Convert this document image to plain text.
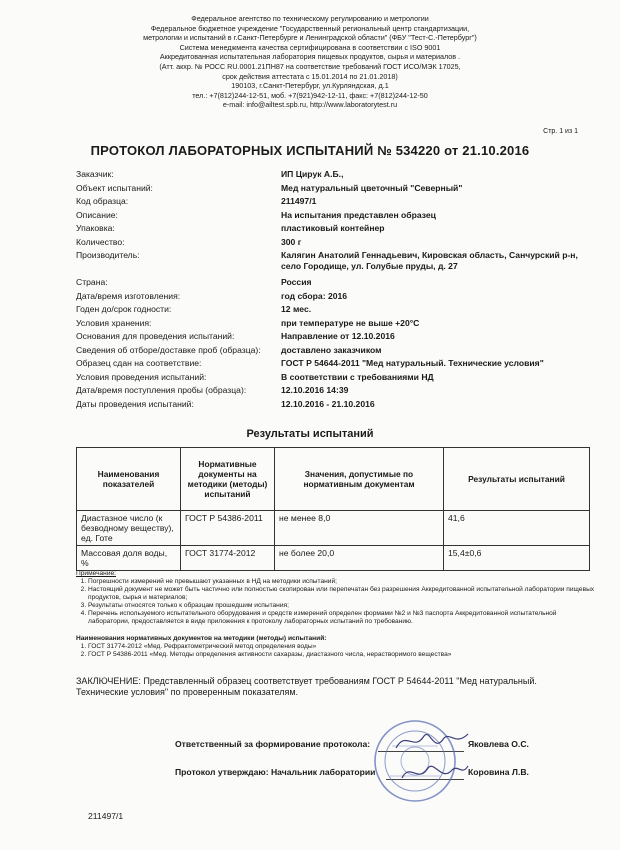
Федеральное агентство по техническому регулированию и метрологии
Федеральное бюджетное учреждение "Государственный региональный центр стандартизации,
метрологии и испытаний в г.Санкт-Петербурге и Ленинградской области" (ФБУ "Тест-С.-Петербург")
Система менеджмента качества сертифицирована в соответствии с ISO 9001
Аккредитованная испытательная лаборатория пищевых продуктов, сырья и материалов .
(Атт. акхр. № РОСС RU.0001.21ПН87 на соответствие требований ГОСТ ИСО/МЭК 17025,
срок действия аттестата с 15.01.2014 по 21.01.2018)
190103, г.Санкт-Петербург, ул.Курляндская, д.1
тел.: +7(812)244-12-51, моб. +7(921)942-12-11, факс: +7(812)244-12-50
e-mail: info@ailtest.spb.ru, http://www.laboratorytest.ru
Стр. 1 из 1
ПРОТОКОЛ ЛАБОРАТОРНЫХ ИСПЫТАНИЙ № 534220 от 21.10.2016
Заказчик:	ИП Цирук А.Б.,
Объект испытаний:	Мед натуральный цветочный "Северный"
Код образца:	211497/1
Описание:	На испытания представлен образец
Упаковка:	пластиковый контейнер
Количество:	300 г
Производитель:	Калягин Анатолий Геннадьевич, Кировская область, Санчурский р-н, село Городище, ул. Голубые пруды, д. 27
Страна:	Россия
Дата/время изготовления:	год сбора: 2016
Годен до/срок годности:	12 мес.
Условия хранения:	при температуре не выше +20°С
Основания для проведения испытаний:	Направление от 12.10.2016
Сведения об отборе/доставке проб (образца):	доставлено заказчиком
Образец сдан на соответствие:	ГОСТ Р 54644-2011 "Мед натуральный. Технические условия"
Условия проведения испытаний:	В соответствии с требованиями НД
Дата/время поступления пробы (образца):	12.10.2016 14:39
Даты проведения испытаний:	12.10.2016 - 21.10.2016
Результаты испытаний
Наименования показателей	Нормативные документы на методики (методы) испытаний	Значения, допустимые по нормативным документам	Результаты испытаний
Диастазное число (к безводному веществу), ед. Готе	ГОСТ Р 54386-2011	не менее 8,0	41,6
Массовая доля воды, %	ГОСТ 31774-2012	не более 20,0	15,4±0,6
Примечание:
1. Погрешности измерений не превышают указанных в НД на методики испытаний;
2. Настоящий документ не может быть частично или полностью скопирован или перепечатан без разрешения Аккредитованной испытательной лаборатории пищевых продуктов, сырья и материалов;
3. Результаты относятся только к образцам прошедшим испытания;
4. Перечень используемого испытательного оборудования и средств измерений определен формами №2 и №3 паспорта Аккредитованной испытательной лаборатории, предоставляется в виде приложения к протоколу лабораторных испытаний по требованию.
Наименования нормативных документов на методики (методы) испытаний:
1. ГОСТ 31774-2012 «Мед. Рефрактометрический метод определения воды»
2. ГОСТ Р 54386-2011 «Мед. Методы определения активности сахаразы, диастазного числа, нерастворимого вещества»
ЗАКЛЮЧЕНИЕ: Представленный образец соответствует требованиям ГОСТ Р 54644-2011 "Мед натуральный. Технические условия" по проверенным показателям.
Ответственный за формирование протокола:	Яковлева О.С.
Протокол утверждаю: Начальник лаборатории	Коровина Л.В.
211497/1
